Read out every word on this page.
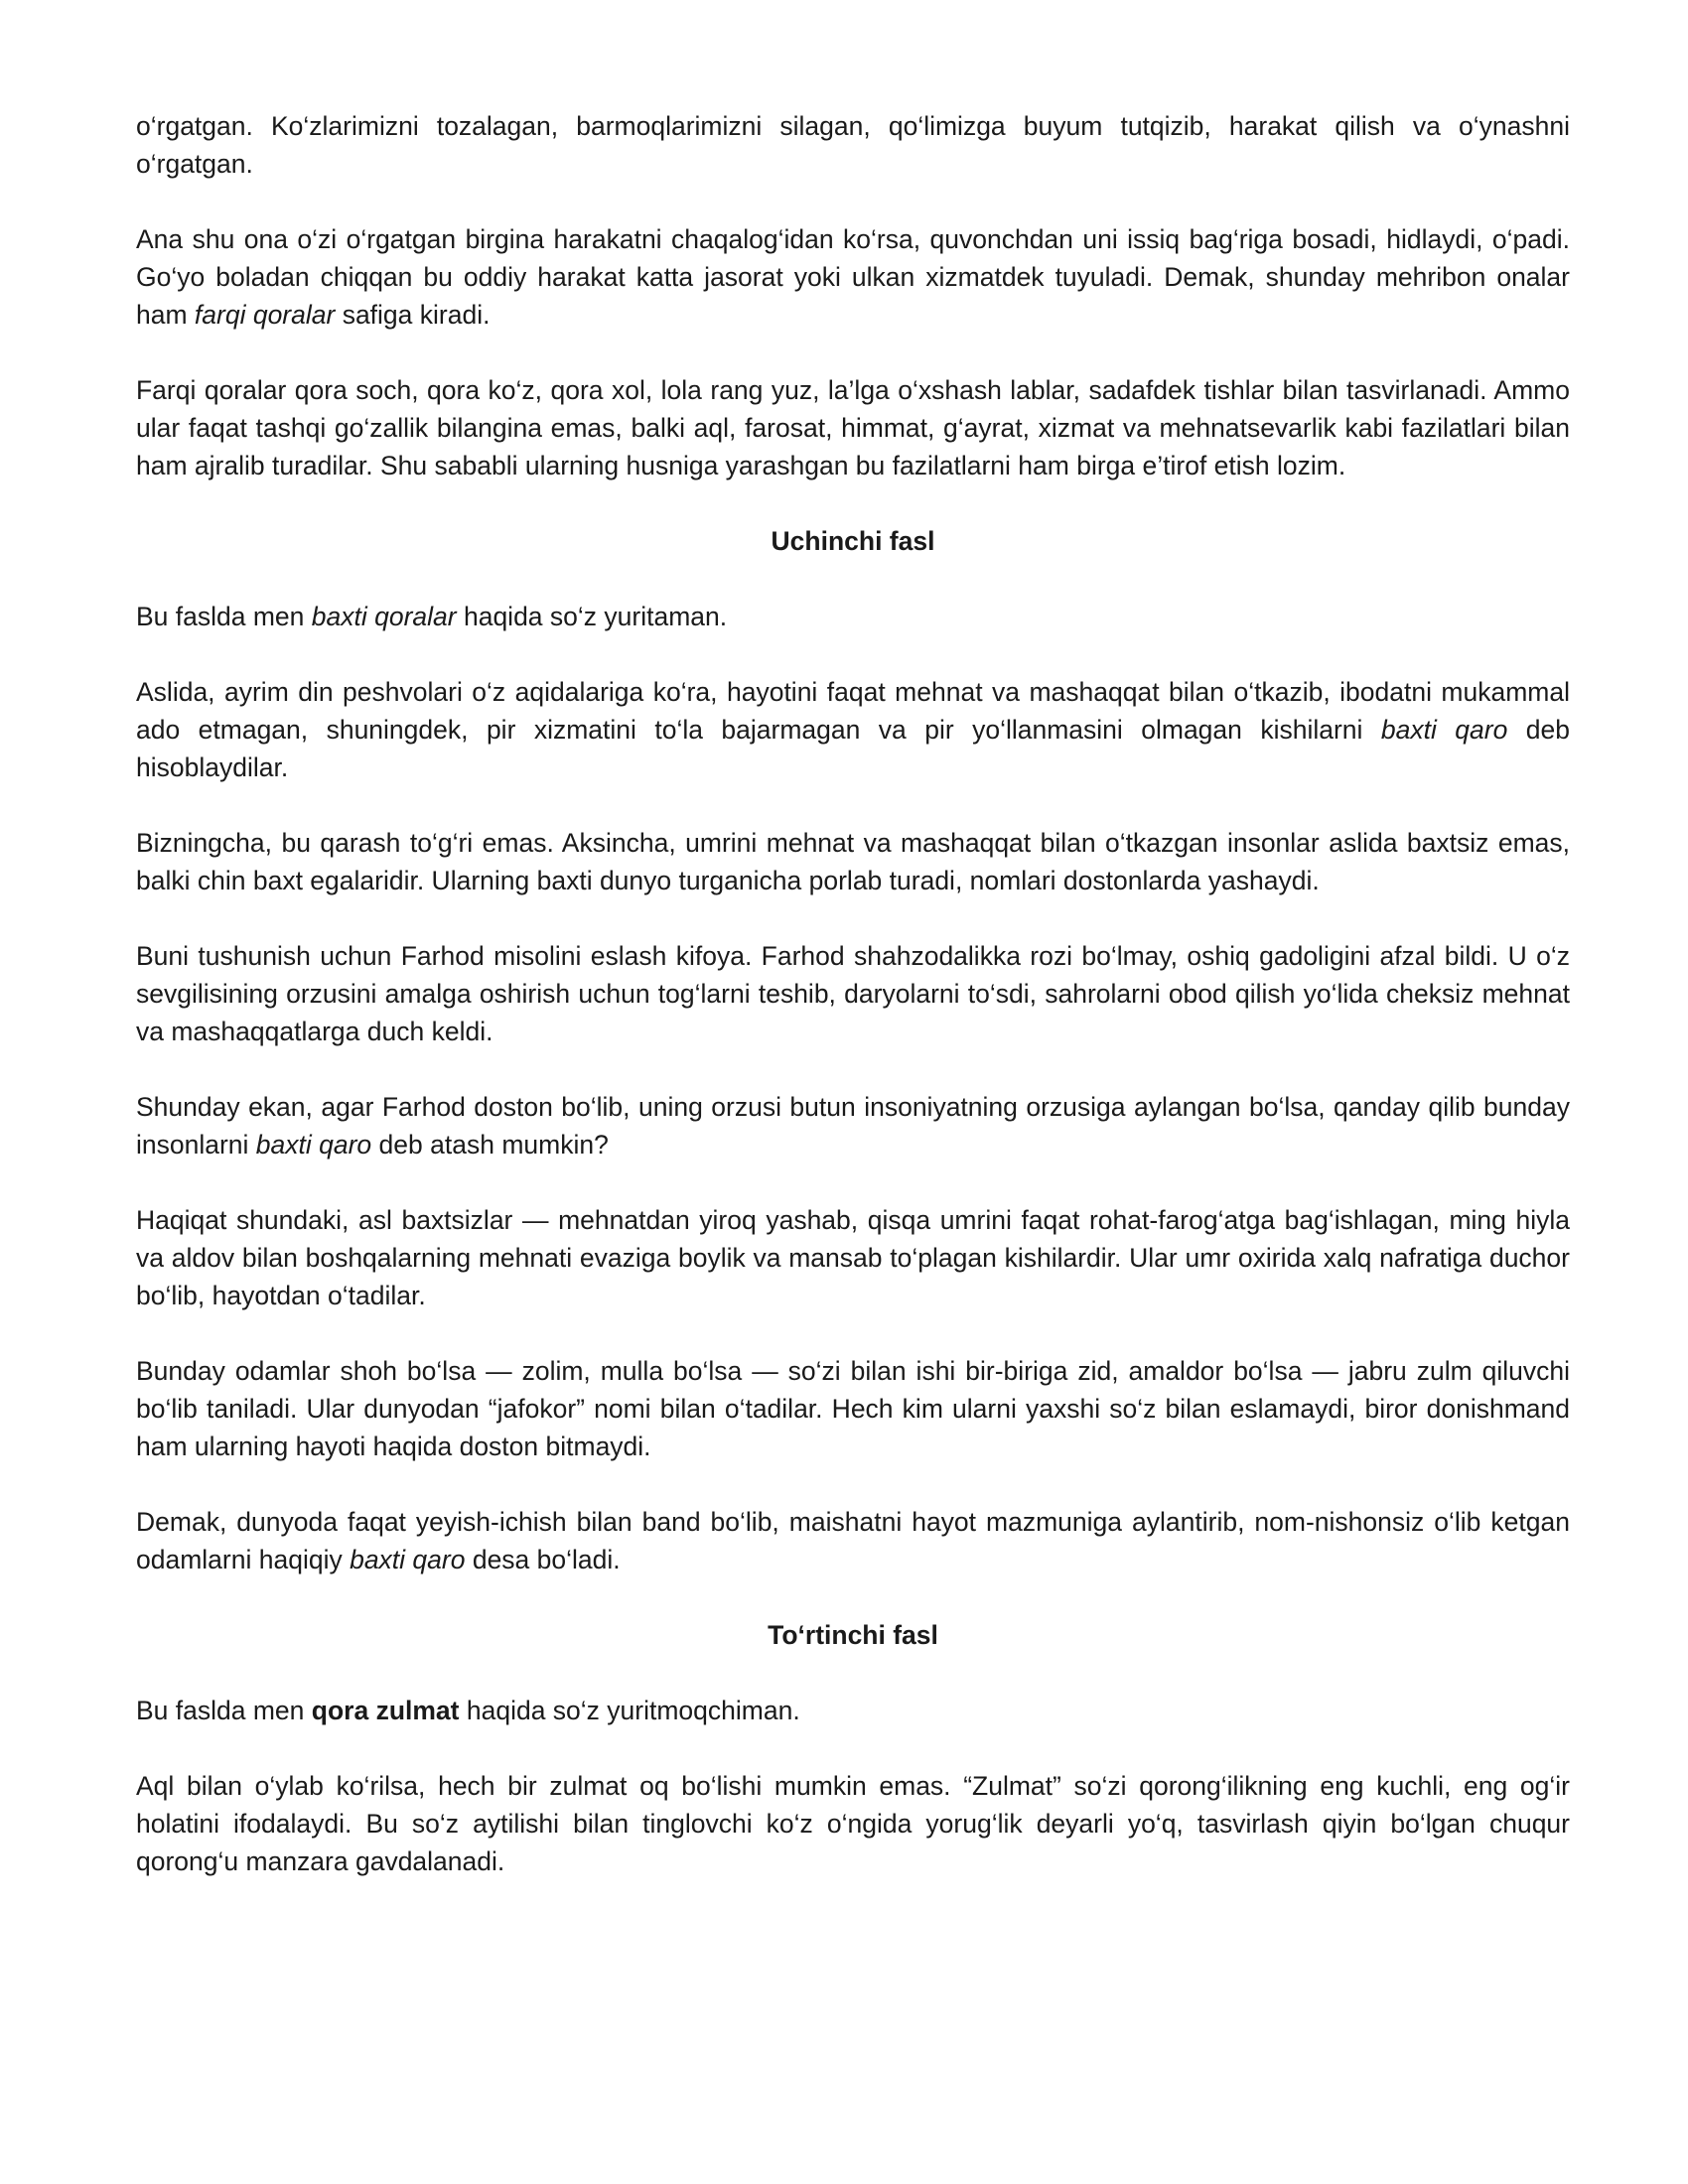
o‘rgatgan. Ko‘zlarimizni tozalagan, barmoqlarimizni silagan, qo‘limizga buyum tutqizib, harakat qilish va o‘ynashni o‘rgatgan.

Ana shu ona o‘zi o‘rgatgan birgina harakatni chaqalog‘idan ko‘rsa, quvonchdan uni issiq bag‘riga bosadi, hidlaydi, o‘padi. Go‘yo boladan chiqqan bu oddiy harakat katta jasorat yoki ulkan xizmatdek tuyuladi. Demak, shunday mehribon onalar ham farqi qoralar safiga kiradi.

Farqi qoralar qora soch, qora ko‘z, qora xol, lola rang yuz, la’lga o‘xshash lablar, sadafdek tishlar bilan tasvirlanadi. Ammo ular faqat tashqi go‘zallik bilangina emas, balki aql, farosat, himmat, g‘ayrat, xizmat va mehnatsevarlik kabi fazilatlari bilan ham ajralib turadilar. Shu sababli ularning husniga yarashgan bu fazilatlarni ham birga e’tirof etish lozim.

Uchinchi fasl

Bu fasldа men baxti qoralar haqida so‘z yuritaman.

Aslida, ayrim din peshvolari o‘z aqidalariga ko‘ra, hayotini faqat mehnat va mashaqqat bilan o‘tkazib, ibodatni mukammal ado etmagan, shuningdek, pir xizmatini to‘la bajarmagan va pir yo‘llanmasini olmagan kishilarni baxti qaro deb hisoblaydilar.

Bizningcha, bu qarash to‘g‘ri emas. Aksincha, umrini mehnat va mashaqqat bilan o‘tkazgan insonlar aslida baxtsiz emas, balki chin baxt egalaridir. Ularning baxti dunyo turganicha porlab turadi, nomlari dostonlarda yashaydi.

Buni tushunish uchun Farhod misolini eslash kifoya. Farhod shahzodalikka rozi bo‘lmay, oshiq gadoligini afzal bildi. U o‘z sevgilisining orzusini amalga oshirish uchun tog‘larni teshib, daryolarni to‘sdi, sahrolarni obod qilish yo‘lida cheksiz mehnat va mashaqqatlarga duch keldi.

Shunday ekan, agar Farhod doston bo‘lib, uning orzusi butun insoniyatning orzusiga aylangan bo‘lsa, qanday qilib bunday insonlarni baxti qaro deb atash mumkin?

Haqiqat shundaki, asl baxtsizlar — mehnatdan yiroq yashab, qisqa umrini faqat rohat-farog‘atga bag‘ishlagan, ming hiyla va aldov bilan boshqalarning mehnati evaziga boylik va mansab to‘plagan kishilardir. Ular umr oxirida xalq nafratiga duchor bo‘lib, hayotdan o‘tadilar.

Bunday odamlar shoh bo‘lsa — zolim, mulla bo‘lsa — so‘zi bilan ishi bir-biriga zid, amaldor bo‘lsa — jabru zulm qiluvchi bo‘lib taniladi. Ular dunyodan “jafokor” nomi bilan o‘tadilar. Hech kim ularni yaxshi so‘z bilan eslamaydi, biror donishmand ham ularning hayoti haqida doston bitmaydi.

Demak, dunyoda faqat yeyish-ichish bilan band bo‘lib, maishatni hayot mazmuniga aylantirib, nom-nishonsiz o‘lib ketgan odamlarni haqiqiy baxti qaro desa bo‘ladi.

To‘rtinchi fasl

Bu faslda men qora zulmat haqida so‘z yuritmoqchiman.

Aql bilan o‘ylab ko‘rilsa, hech bir zulmat oq bo‘lishi mumkin emas. “Zulmat” so‘zi qorong‘ilikning eng kuchli, eng og‘ir holatini ifodalaydi. Bu so‘z aytilishi bilan tinglovchi ko‘z o‘ngida yorug‘lik deyarli yo‘q, tasvirlash qiyin bo‘lgan chuqur qorong‘u manzara gavdalanadi.
